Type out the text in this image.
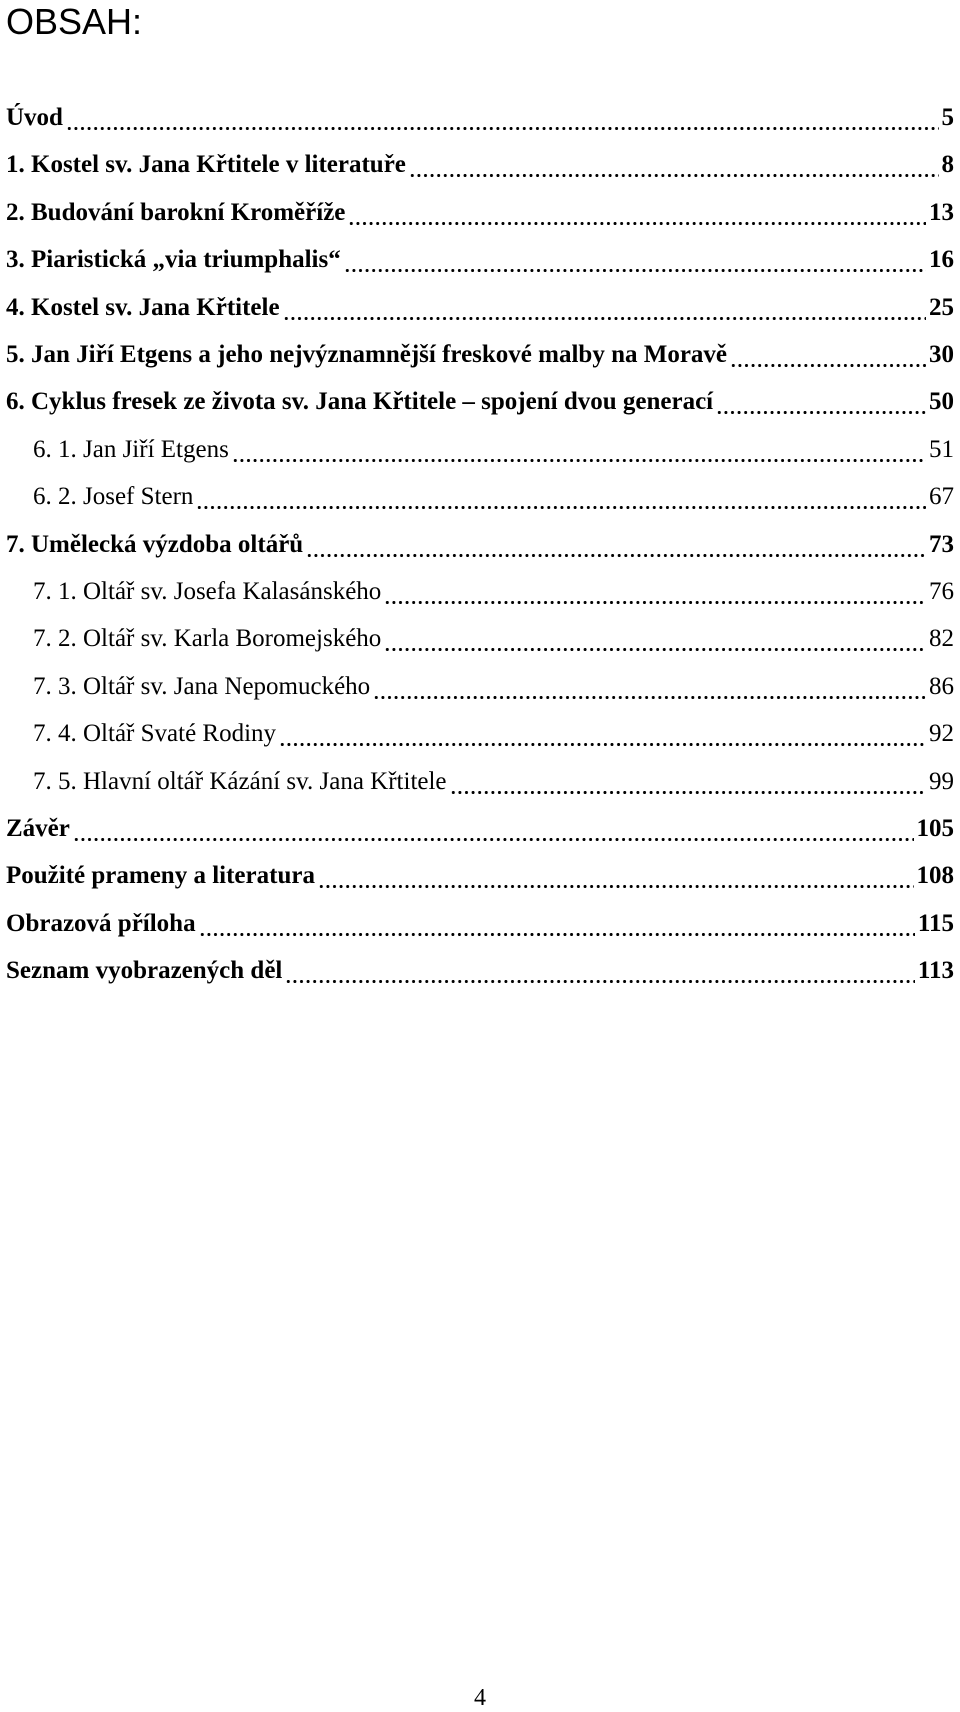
OBSAH:
Úvod	5
1. Kostel sv. Jana Křtitele v literatuře	8
2. Budování barokní Kroměříže	13
3. Piaristická „via triumphalis“	16
4. Kostel sv. Jana Křtitele	25
5. Jan Jiří Etgens a jeho nejvýznamnější freskové malby na Moravě	30
6. Cyklus fresek ze života sv. Jana Křtitele – spojení dvou generací	50
6. 1. Jan Jiří Etgens	51
6. 2. Josef Stern	67
7. Umělecká výzdoba oltářů	73
7. 1. Oltář sv. Josefa Kalasánského	76
7. 2. Oltář sv. Karla Boromejského	82
7. 3. Oltář sv. Jana Nepomuckého	86
7. 4. Oltář Svaté Rodiny	92
7. 5. Hlavní oltář Kázání sv. Jana Křtitele	99
Závěr	105
Použité prameny a literatura	108
Obrazová příloha	115
Seznam vyobrazených děl	113
4
